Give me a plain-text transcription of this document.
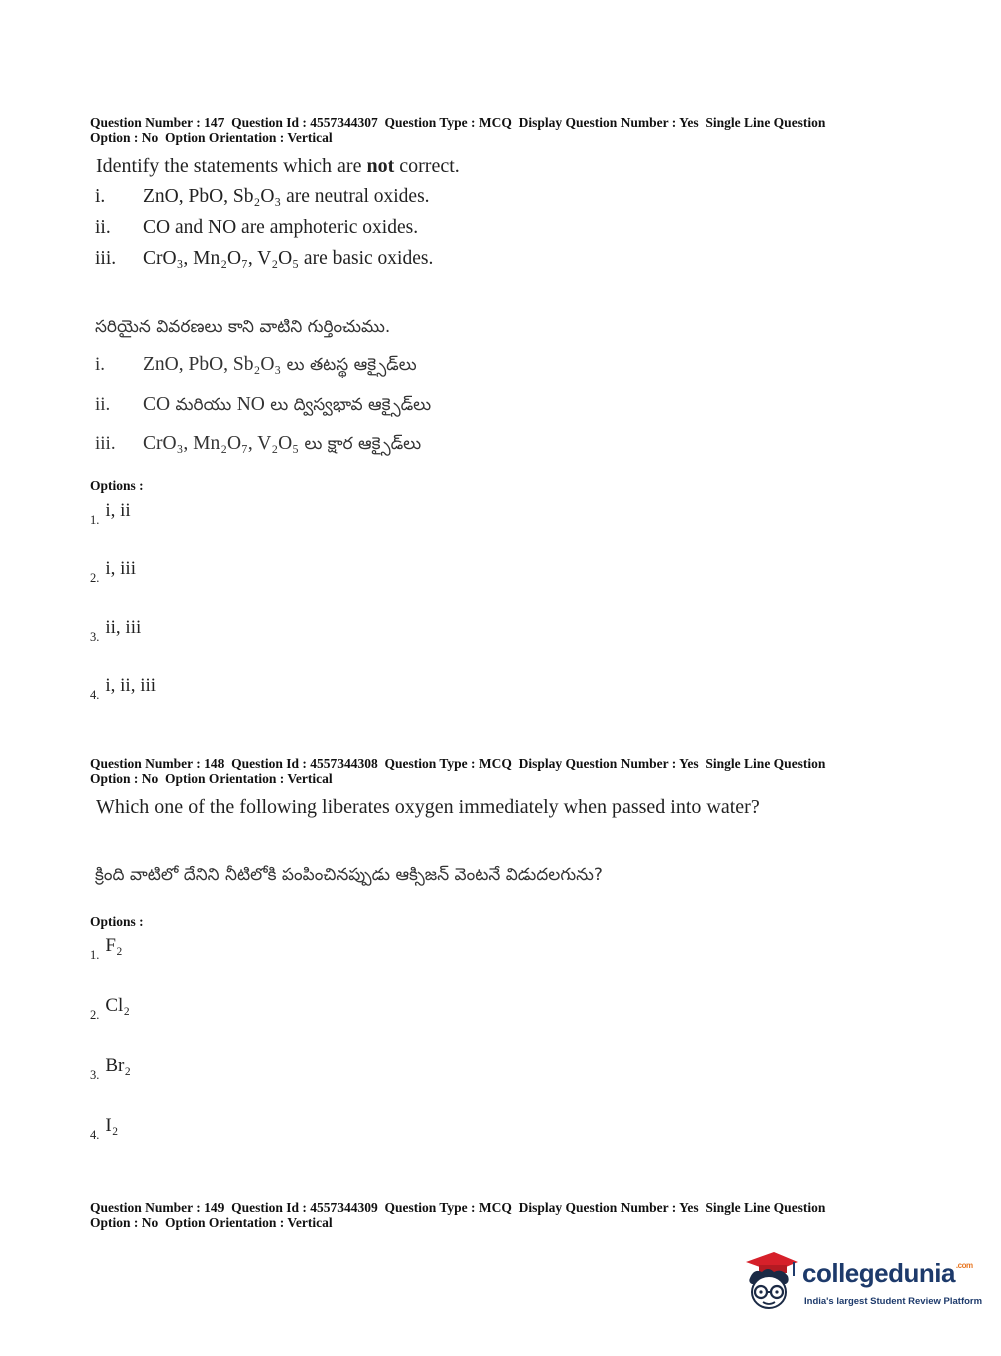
Question Number : 147  Question Id : 4557344307  Question Type : MCQ  Display Question Number : Yes  Single Line Question
Option : No  Option Orientation : Vertical
Identify the statements which are not correct.
i. ZnO, PbO, Sb₂O₃ are neutral oxides.
ii. CO and NO are amphoteric oxides.
iii. CrO₃, Mn₂O₇, V₂O₅ are basic oxides.
సరియైన వివరణలు కాని వాటిని గుర్తించుము.
i. ZnO, PbO, Sb₂O₃ లు తటస్థ ఆక్సైడ్‌లు
ii. CO మరియు NO లు ద్విస్వభావ ఆక్సైడ్‌లు
iii. CrO₃, Mn₂O₇, V₂O₅ లు క్షార ఆక్సైడ్‌లు
Options :
$_{1.}$ i, ii
$_{2.}$ i, iii
$_{3.}$ ii, iii
$_{4.}$ i, ii, iii
Question Number : 148  Question Id : 4557344308  Question Type : MCQ  Display Question Number : Yes  Single Line Question
Option : No  Option Orientation : Vertical
Which one of the following liberates oxygen immediately when passed into water?
క్రింది వాటిలో దేనిని నీటిలోకి పంపించినప్పుడు ఆక్సిజన్ వెంటనే విడుదలగును?
Options :
$_{1.}$ F₂
$_{2.}$ Cl₂
$_{3.}$ Br₂
$_{4.}$ I₂
Question Number : 149  Question Id : 4557344309  Question Type : MCQ  Display Question Number : Yes  Single Line Question
Option : No  Option Orientation : Vertical
collegedunia$^{.com}$
India's largest Student Review Platform
